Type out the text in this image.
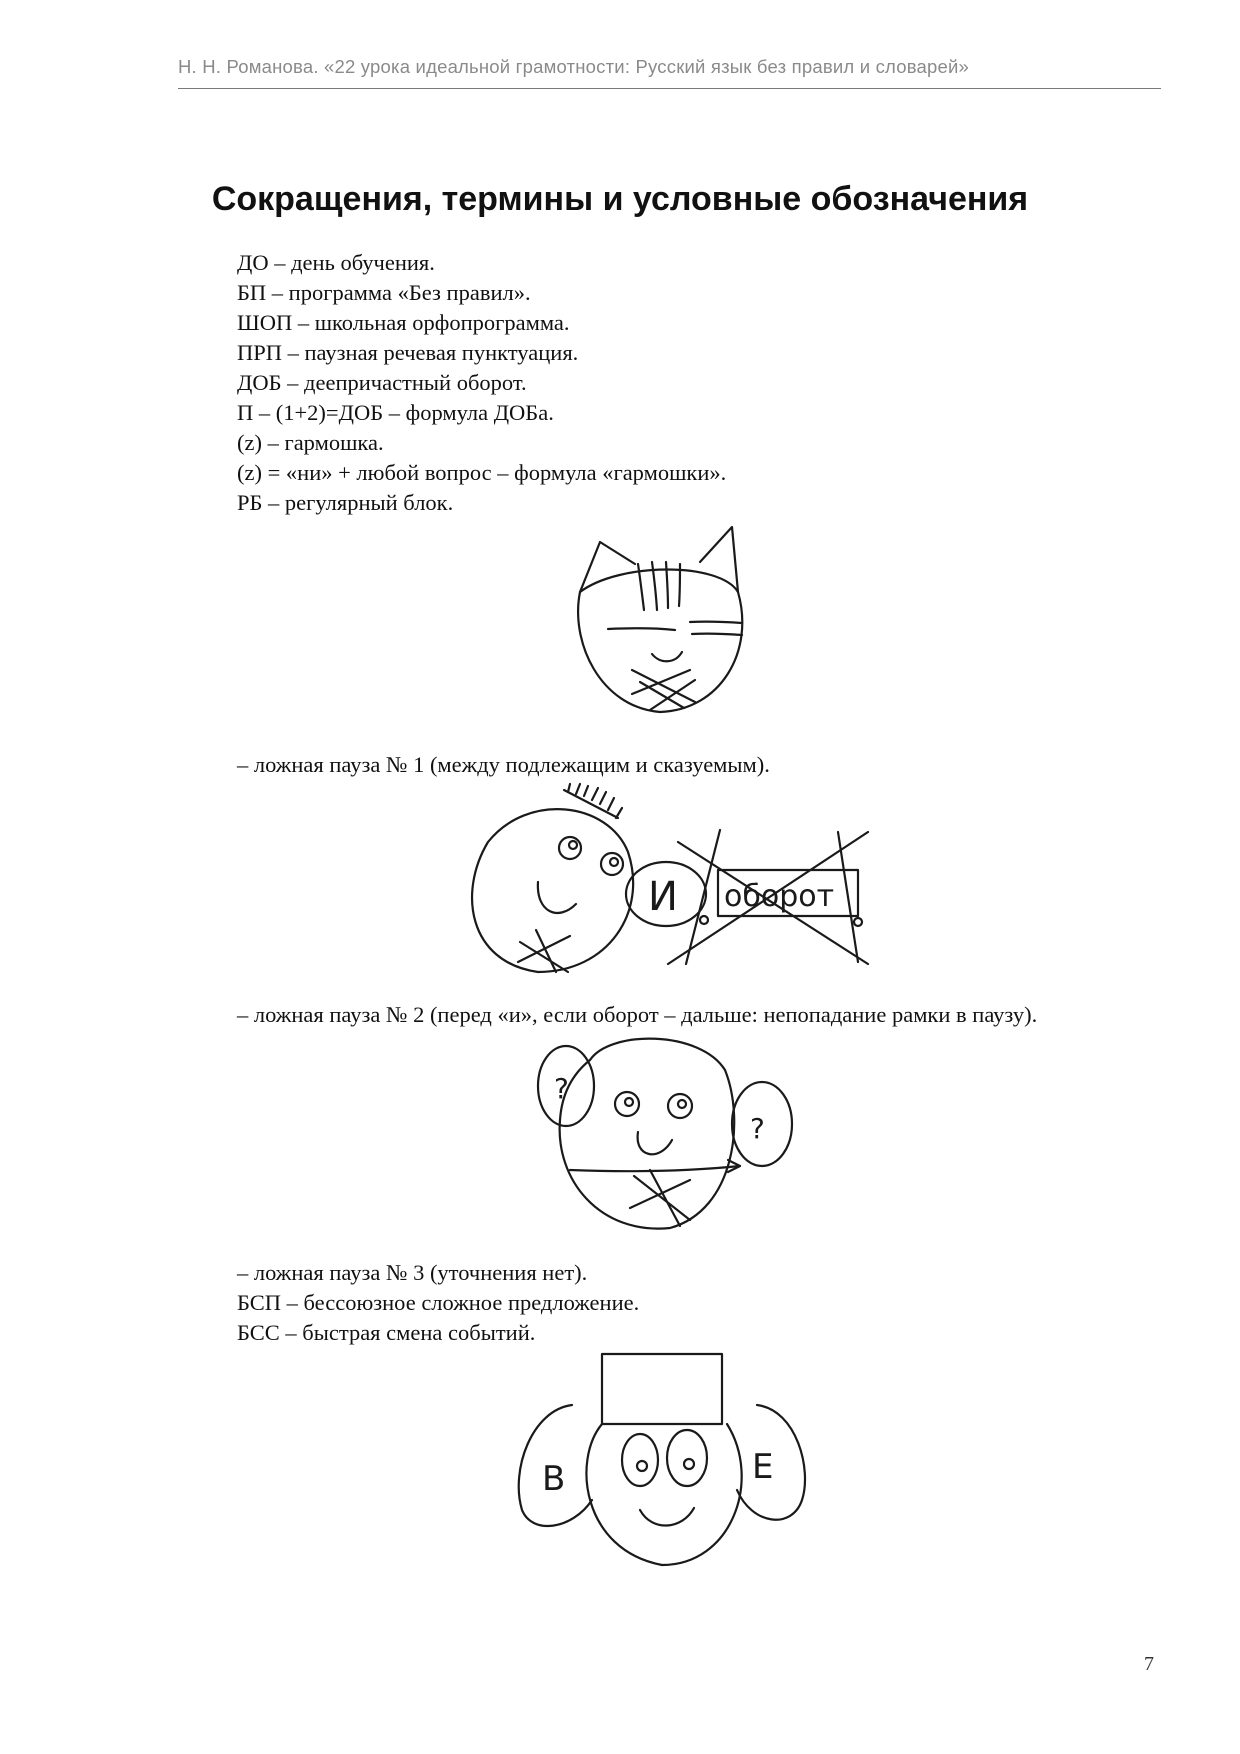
Н. Н. Романова. «22 урока идеальной грамотности: Русский язык без правил и словарей»
Сокращения, термины и условные обозначения
ДО – день обучения.
БП – программа «Без правил».
ШОП – школьная орфопрограмма.
ПРП – паузная речевая пунктуация.
ДОБ – деепричастный оборот.
П – (1+2)=ДОБ – формула ДОБа.
(z) – гармошка.
(z) = «ни» + любой вопрос – формула «гармошки».
РБ – регулярный блок.
– ложная пауза № 1 (между подлежащим и сказуемым).
И оборот
– ложная пауза № 2 (перед «и», если оборот – дальше: непопадание рамки в паузу).
?
?
– ложная пауза № 3 (уточнения нет).
БСП – бессоюзное сложное предложение.
БСС – быстрая смена событий.
В	Е
7
